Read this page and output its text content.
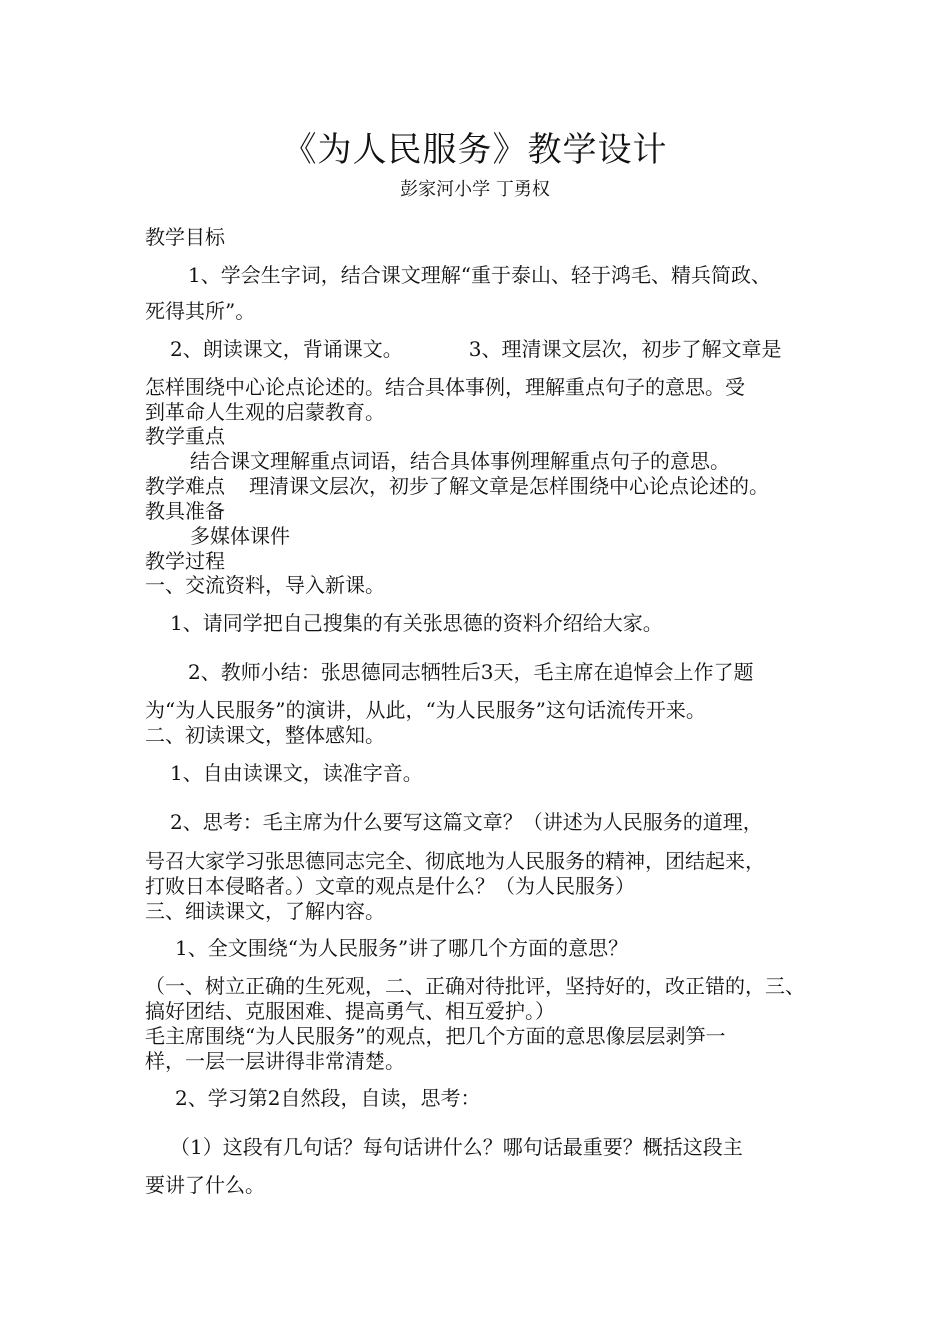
《为人民服务》教学设计
彭家河小学 丁勇权
教学目标
1、学会生字词，结合课文理解“重于泰山、轻于鸿毛、精兵简政、
死得其所”。
2、朗读课文，背诵课文。	3、理清课文层次，初步了解文章是
怎样围绕中心论点论述的。结合具体事例，理解重点句子的意思。受
到革命人生观的启蒙教育。
教学重点
结合课文理解重点词语，结合具体事例理解重点句子的意思。
教学难点 理清课文层次，初步了解文章是怎样围绕中心论点论述的。
教具准备
多媒体课件
教学过程
一、交流资料，导入新课。
1、请同学把自己搜集的有关张思德的资料介绍给大家。
2、教师小结：张思德同志牺牲后3天，毛主席在追悼会上作了题
为“为人民服务”的演讲，从此，“为人民服务”这句话流传开来。
二、初读课文，整体感知。
1、自由读课文，读准字音。
2、思考：毛主席为什么要写这篇文章？（讲述为人民服务的道理，
号召大家学习张思德同志完全、彻底地为人民服务的精神，团结起来，
打败日本侵略者。）文章的观点是什么？（为人民服务）
三、细读课文，了解内容。
1、全文围绕“为人民服务”讲了哪几个方面的意思？
（一、树立正确的生死观，二、正确对待批评，坚持好的，改正错的，三、
搞好团结、克服困难、提高勇气、相互爱护。）
毛主席围绕“为人民服务”的观点，把几个方面的意思像层层剥笋一
样，一层一层讲得非常清楚。
2、学习第2自然段，自读，思考：
（1）这段有几句话？每句话讲什么？哪句话最重要？概括这段主
要讲了什么。
